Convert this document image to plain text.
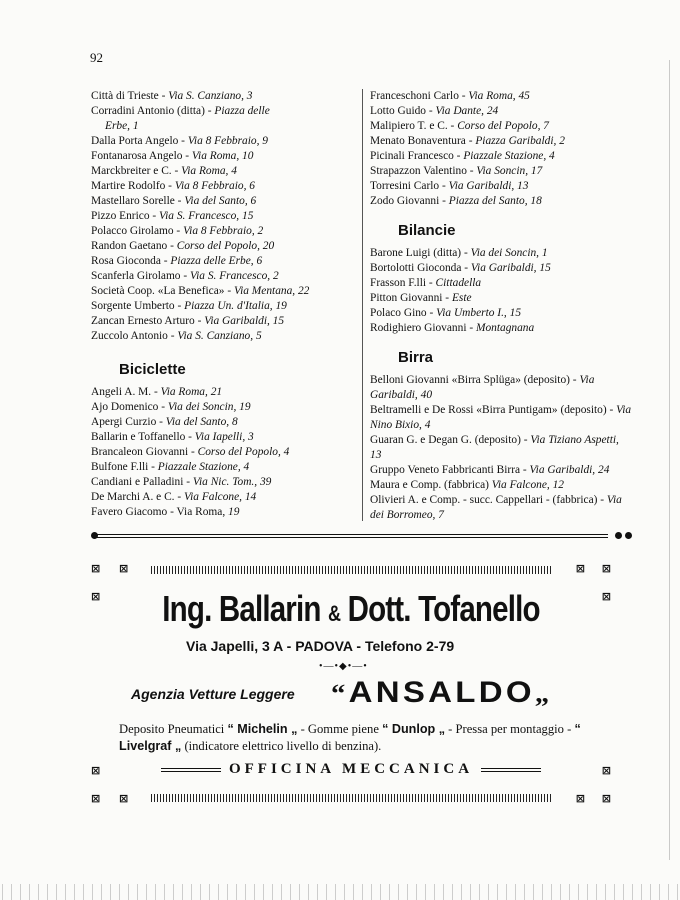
92
Città di Trieste - Via S. Canziano, 3
Corradini Antonio (ditta) - Piazza delle
Erbe, 1
Dalla Porta Angelo - Via 8 Febbraio, 9
Fontanarosa Angelo - Via Roma, 10
Marckbreiter e C. - Via Roma, 4
Martire Rodolfo - Via 8 Febbraio, 6
Mastellaro Sorelle - Via del Santo, 6
Pizzo Enrico - Via S. Francesco, 15
Polacco Girolamo - Via 8 Febbraio, 2
Randon Gaetano - Corso del Popolo, 20
Rosa Gioconda - Piazza delle Erbe, 6
Scanferla Girolamo - Via S. Francesco, 2
Società Coop. «La Benefica» - Via Mentana, 22
Sorgente Umberto - Piazza Un. d'Italia, 19
Zancan Ernesto Arturo - Via Garibaldi, 15
Zuccolo Antonio - Via S. Canziano, 5
Biciclette
Angeli A. M. - Via Roma, 21
Ajo Domenico - Via dei Soncin, 19
Apergi Curzio - Via del Santo, 8
Ballarin e Toffanello - Via Iapelli, 3
Brancaleon Giovanni - Corso del Popolo, 4
Bulfone F.lli - Piazzale Stazione, 4
Candiani e Palladini - Via Nic. Tom., 39
De Marchi A. e C. - Via Falcone, 14
Favero Giacomo - Via Roma, 19
Franceschoni Carlo - Via Roma, 45
Lotto Guido - Via Dante, 24
Malipiero T. e C. - Corso del Popolo, 7
Menato Bonaventura - Piazza Garibaldi, 2
Picinali Francesco - Piazzale Stazione, 4
Strapazzon Valentino - Via Soncin, 17
Torresini Carlo - Via Garibaldi, 13
Zodo Giovanni - Piazza del Santo, 18
Bilancie
Barone Luigi (ditta) - Via dei Soncin, 1
Bortolotti Gioconda - Via Garibaldi, 15
Frasson F.lli - Cittadella
Pitton Giovanni - Este
Polaco Gino - Via Umberto I., 15
Rodighiero Giovanni - Montagnana
Birra
Belloni Giovanni «Birra Splüga» (deposito) - Via Garibaldi, 40
Beltramelli e De Rossi «Birra Puntigam» (deposito) - Via Nino Bixio, 4
Guaran G. e Degan G. (deposito) - Via Tiziano Aspetti, 13
Gruppo Veneto Fabbricanti Birra - Via Garibaldi, 24
Maura e Comp. (fabbrica) Via Falcone, 12
Olivieri A. e Comp. - succ. Cappellari - (fabbrica) - Via dei Borromeo, 7
⊠ ⊠	⊠
⊠
⊠	⊠
⊠	⊠
⊠ ⊠	⊠
⊠
Ing. Ballarin & Dott. Tofanello
Via Japelli, 3 A - PADOVA - Telefono 2-79
•—•◆•—•
Agenzia Vetture Leggere “ANSALDO„
Deposito Pneumatici “ Michelin „ - Gomme piene “ Dunlop „ - Pressa per montaggio - “ Livelgraf „ (indicatore elettrico livello di benzina).
OFFICINA MECCANICA
